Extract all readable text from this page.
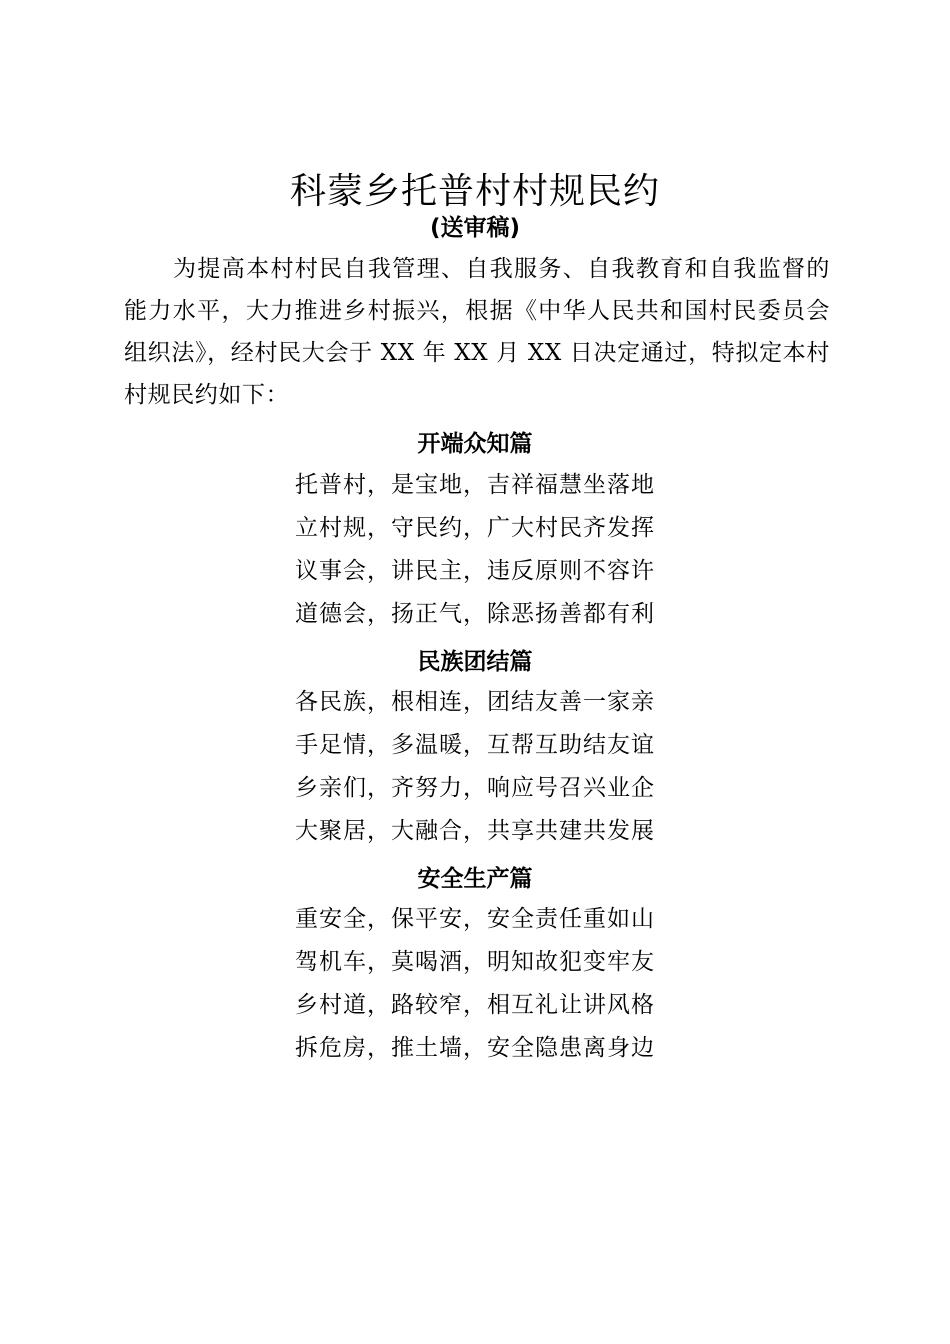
科蒙乡托普村村规民约
(送审稿)

为提高本村村民自我管理、自我服务、自我教育和自我监督的能力水平，大力推进乡村振兴，根据《中华人民共和国村民委员会组织法》，经村民大会于 XX 年 XX 月 XX 日决定通过，特拟定本村村规民约如下：

开端众知篇
托普村，是宝地，吉祥福慧坐落地
立村规，守民约，广大村民齐发挥
议事会，讲民主，违反原则不容许
道德会，扬正气，除恶扬善都有利
民族团结篇
各民族，根相连，团结友善一家亲
手足情，多温暖，互帮互助结友谊
乡亲们，齐努力，响应号召兴业企
大聚居，大融合，共享共建共发展
安全生产篇
重安全，保平安，安全责任重如山
驾机车，莫喝酒，明知故犯变牢友
乡村道，路较窄，相互礼让讲风格
拆危房，推土墙，安全隐患离身边
